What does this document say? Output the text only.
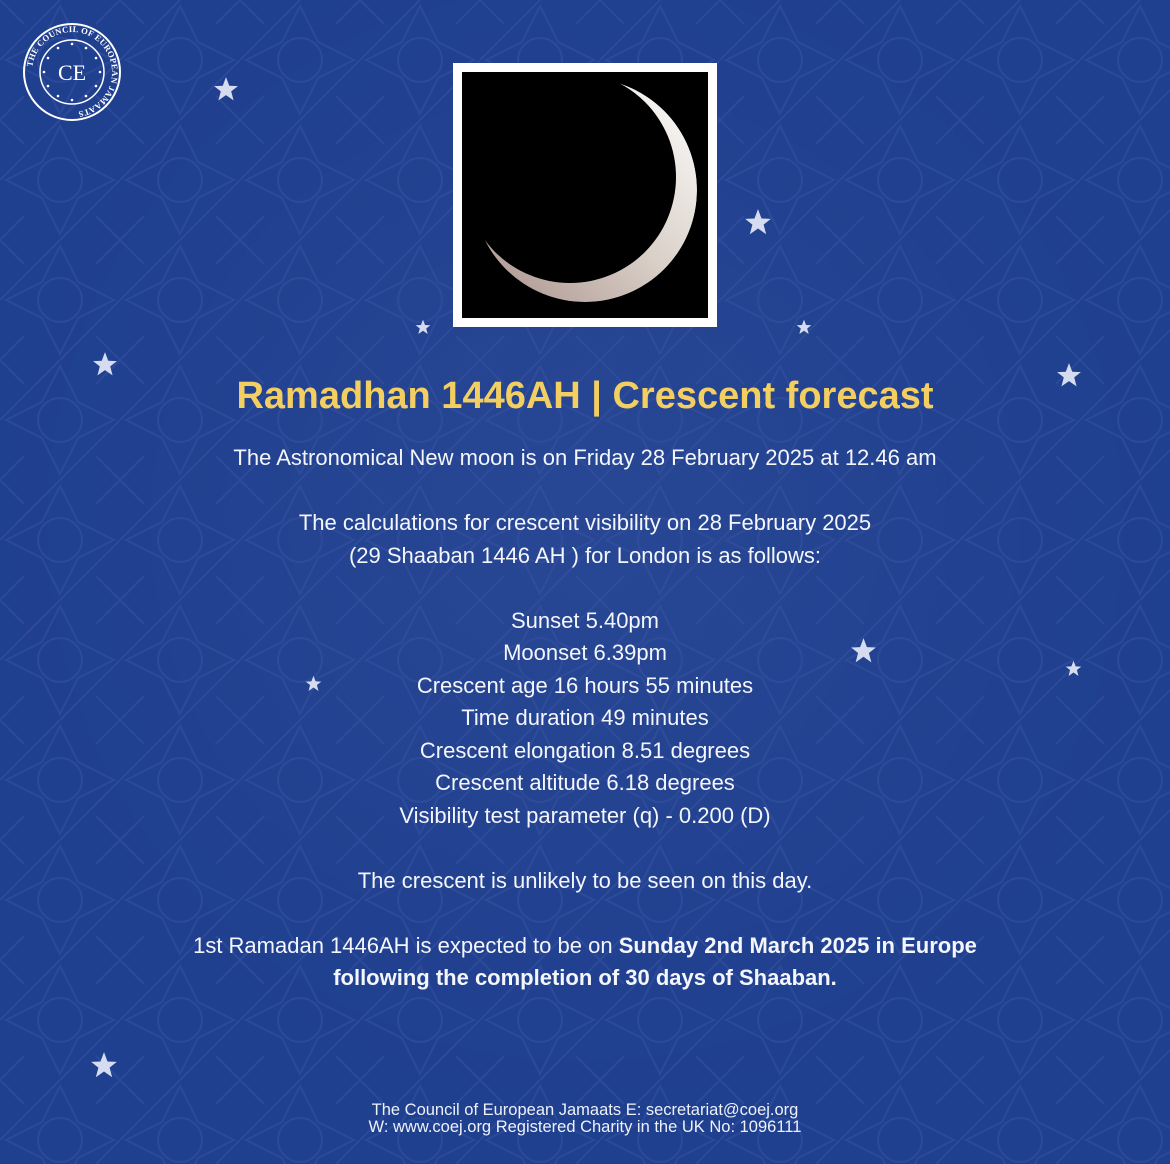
THE COUNCIL OF EUROPEAN JAMAATS
CE
Ramadhan 1446AH | Crescent forecast
The Astronomical New moon is on Friday 28 February 2025 at 12.46 am
The calculations for crescent visibility on 28 February 2025
(29 Shaaban 1446 AH ) for London is as follows:
Sunset 5.40pm
Moonset 6.39pm
Crescent age 16 hours 55 minutes
Time duration 49 minutes
Crescent elongation 8.51 degrees
Crescent altitude 6.18 degrees
Visibility test parameter (q) - 0.200 (D)
The crescent is unlikely to be seen on this day.
1st Ramadan 1446AH is expected to be on Sunday 2nd March 2025 in Europe
following the completion of 30 days of Shaaban.
The Council of European Jamaats E: secretariat@coej.org
W: www.coej.org Registered Charity in the UK No: 1096111
